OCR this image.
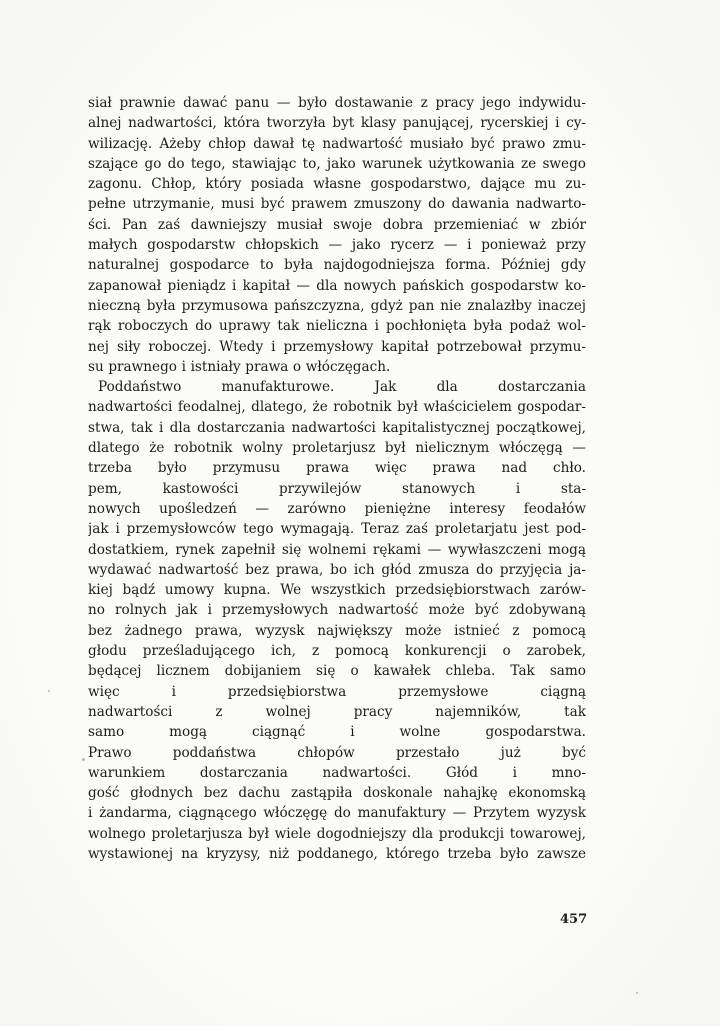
siał prawnie dawać panu — było dostawanie z pracy jego indywidu-
alnej nadwartości, która tworzyła byt klasy panującej, rycerskiej i cy-
wilizację. Ażeby chłop dawał tę nadwartość musiało być prawo zmu-
szające go do tego, stawiając to, jako warunek użytkowania ze swego
zagonu. Chłop, który posiada własne gospodarstwo, dające mu zu-
pełne utrzymanie, musi być prawem zmuszony do dawania nadwarto-
ści. Pan zaś dawniejszy musiał swoje dobra przemieniać w zbiór
małych gospodarstw chłopskich — jako rycerz — i ponieważ przy
naturalnej gospodarce to była najdogodniejsza forma. Później gdy
zapanował pieniądz i kapitał — dla nowych pańskich gospodarstw ko-
nieczną była przymusowa pańszczyzna, gdyż pan nie znalazłby inaczej
rąk roboczych do uprawy tak nieliczna i pochłonięta była podaż wol-
nej siły roboczej. Wtedy i przemysłowy kapitał potrzebował przymu-
su prawnego i istniały prawa o włóczęgach.
Poddaństwo manufakturowe. Jak dla dostarczania
nadwartości feodalnej, dlatego, że robotnik był właścicielem gospodar-
stwa, tak i dla dostarczania nadwartości kapitalistycznej początkowej,
dlatego że robotnik wolny proletarjusz był nielicznym włóczęgą —
trzeba było przymusu prawa więc prawa nad chło.
pem, kastowości przywilejów stanowych i sta-
nowych upośledzeń — zarówno pieniężne interesy feodałów
jak i przemysłowców tego wymagają. Teraz zaś proletarjatu jest pod-
dostatkiem, rynek zapełnił się wolnemi rękami — wywłaszczeni mogą
wydawać nadwartość bez prawa, bo ich głód zmusza do przyjęcia ja-
kiej bądź umowy kupna. We wszystkich przedsiębiorstwach zarów-
no rolnych jak i przemysłowych nadwartość może być zdobywaną
bez żadnego prawa, wyzysk największy może istnieć z pomocą
głodu prześladującego ich, z pomocą konkurencji o zarobek,
będącej licznem dobijaniem się o kawałek chleba. Tak samo
więc i przedsiębiorstwa przemysłowe ciągną
nadwartości z wolnej pracy najemników, tak
samo mogą ciągnąć i wolne gospodarstwa.
Prawo poddaństwa chłopów przestało już być
warunkiem dostarczania nadwartości. Głód i mno-
gość głodnych bez dachu zastąpiła doskonale nahajkę ekonomską
i żandarma, ciągnącego włóczęgę do manufaktury — Przytem wyzysk
wolnego proletarjusza był wiele dogodniejszy dla produkcji towarowej,
wystawionej na kryzysy, niż poddanego, którego trzeba było zawsze
457
